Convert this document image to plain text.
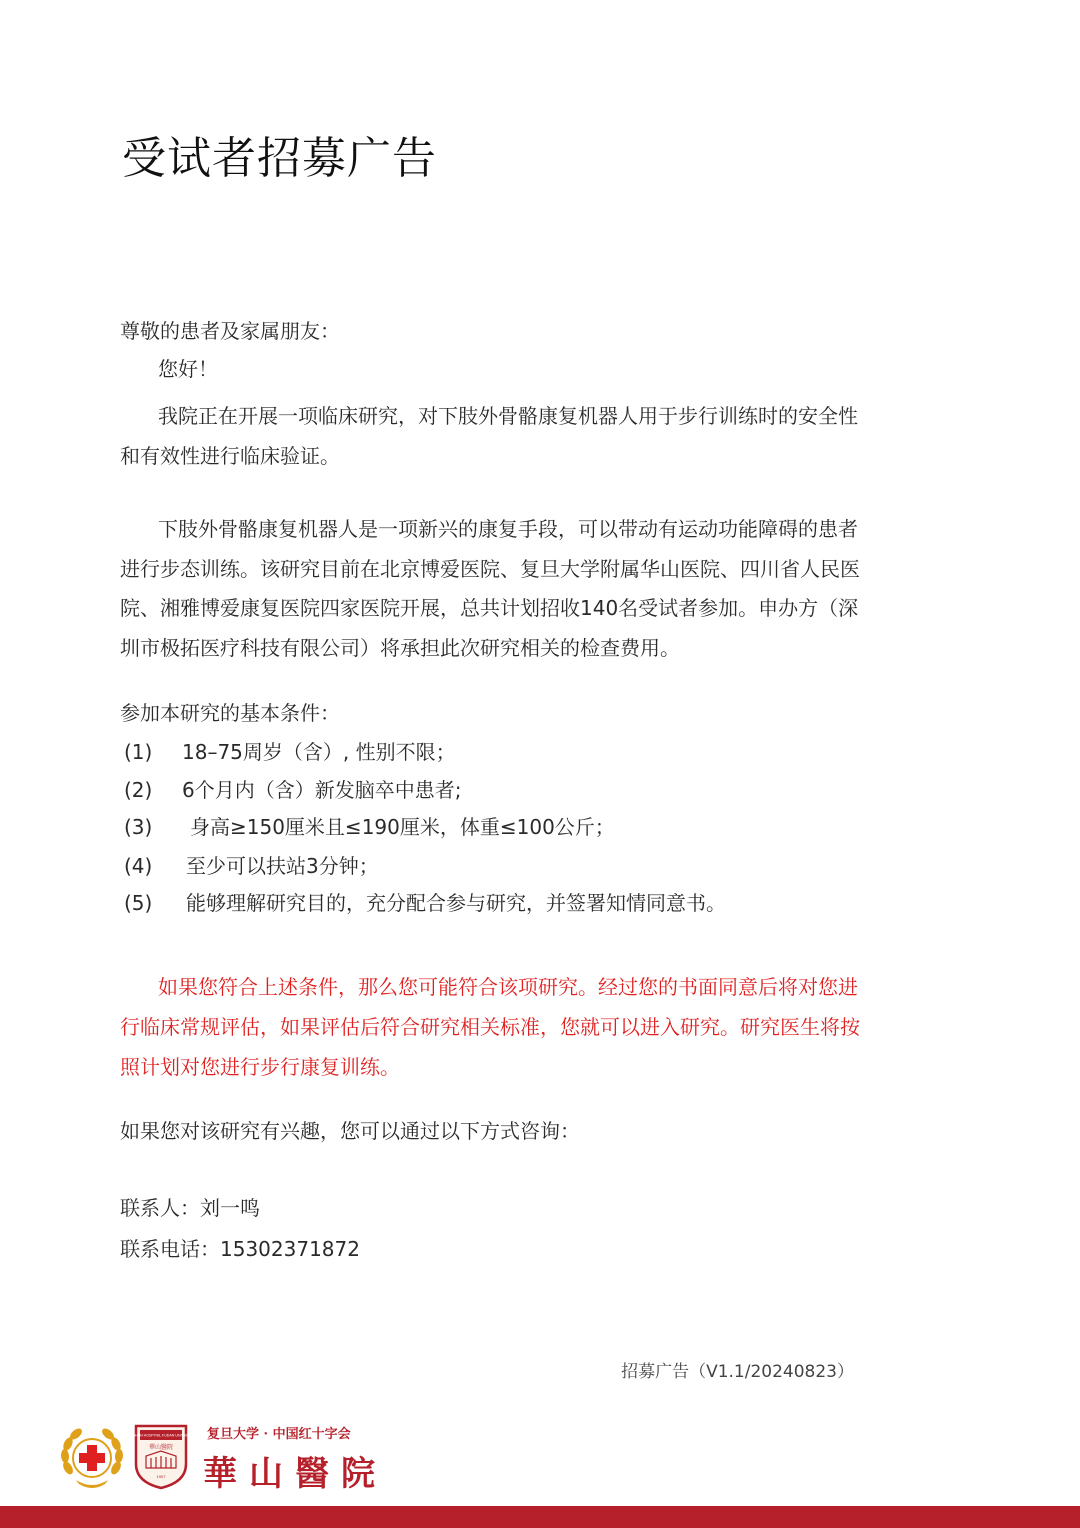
受试者招募广告

尊敬的患者及家属朋友：

您好！

我院正在开展一项临床研究，对下肢外骨骼康复机器人用于步行训练时的安全性和有效性进行临床验证。

下肢外骨骼康复机器人是一项新兴的康复手段，可以带动有运动功能障碍的患者进行步态训练。该研究目前在北京博爱医院、复旦大学附属华山医院、四川省人民医院、湘雅博爱康复医院四家医院开展，总共计划招收140名受试者参加。申办方（深圳市极拓医疗科技有限公司）将承担此次研究相关的检查费用。

参加本研究的基本条件：

(1) 18–75周岁（含）, 性别不限；
(2) 6个月内（含）新发脑卒中患者;
(3) 身高≥150厘米且≤190厘米，体重≤100公斤；
(4) 至少可以扶站3分钟；
(5) 能够理解研究目的，充分配合参与研究，并签署知情同意书。

如果您符合上述条件，那么您可能符合该项研究。经过您的书面同意后将对您进行临床常规评估，如果评估后符合研究相关标准，您就可以进入研究。研究医生将按照计划对您进行步行康复训练。

如果您对该研究有兴趣，您可以通过以下方式咨询：

联系人：刘一鸣

联系电话：15302371872

招募广告（V1.1/20240823）
HUASHAN HOSPITAL FUDAN UNIVERSITY
華山醫院
1907
复旦大学 · 中国红十字会
華山醫院
